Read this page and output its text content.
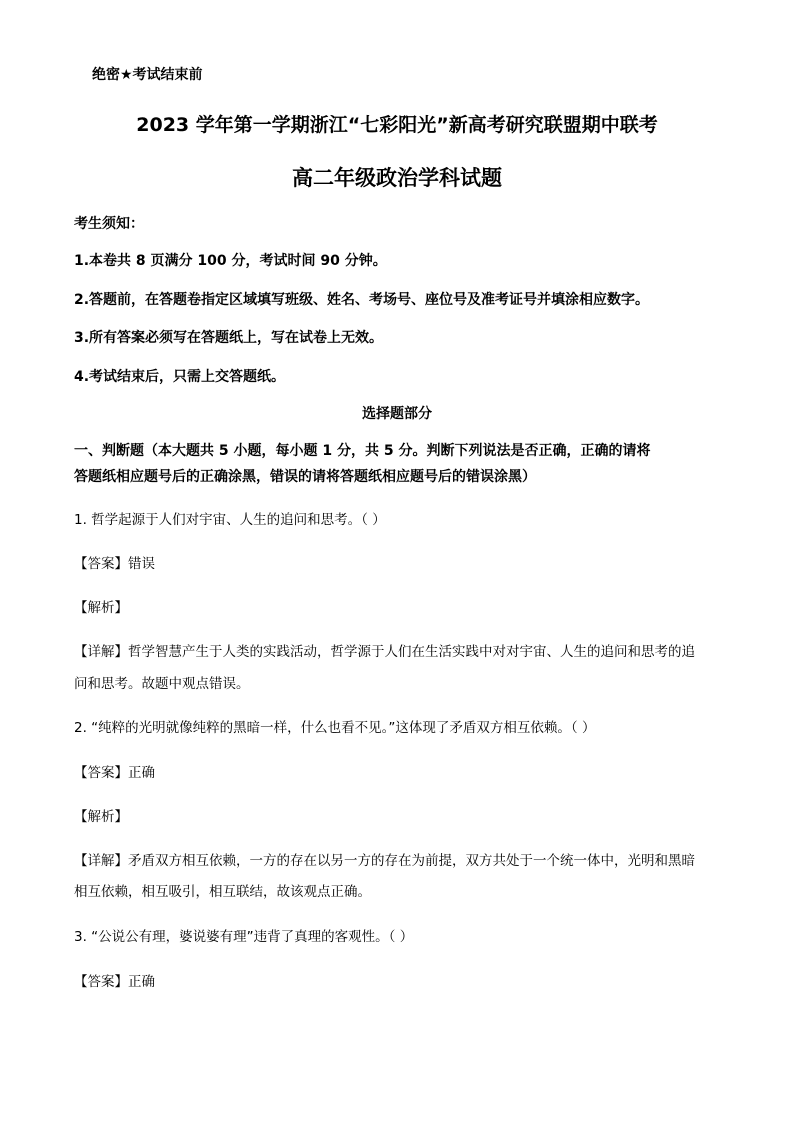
绝密★考试结束前
2023 学年第一学期浙江“七彩阳光”新高考研究联盟期中联考
高二年级政治学科试题
考生须知：
1.本卷共 8 页满分 100 分，考试时间 90 分钟。
2.答题前，在答题卷指定区域填写班级、姓名、考场号、座位号及准考证号并填涂相应数字。
3.所有答案必须写在答题纸上，写在试卷上无效。
4.考试结束后，只需上交答题纸。
选择题部分
一、判断题（本大题共 5 小题，每小题 1 分，共 5 分。判断下列说法是否正确，正确的请将
答题纸相应题号后的正确涂黑，错误的请将答题纸相应题号后的错误涂黑）
1. 哲学起源于人们对宇宙、人生的追问和思考。（ ）
【答案】错误
【解析】
【详解】哲学智慧产生于人类的实践活动，哲学源于人们在生活实践中对对宇宙、人生的追问和思考的追
问和思考。故题中观点错误。
2. “纯粹的光明就像纯粹的黑暗一样，什么也看不见。”这体现了矛盾双方相互依赖。（ ）
【答案】正确
【解析】
【详解】矛盾双方相互依赖，一方的存在以另一方的存在为前提，双方共处于一个统一体中，光明和黑暗
相互依赖，相互吸引，相互联结，故该观点正确。
3. “公说公有理，婆说婆有理”违背了真理的客观性。（ ）
【答案】正确
